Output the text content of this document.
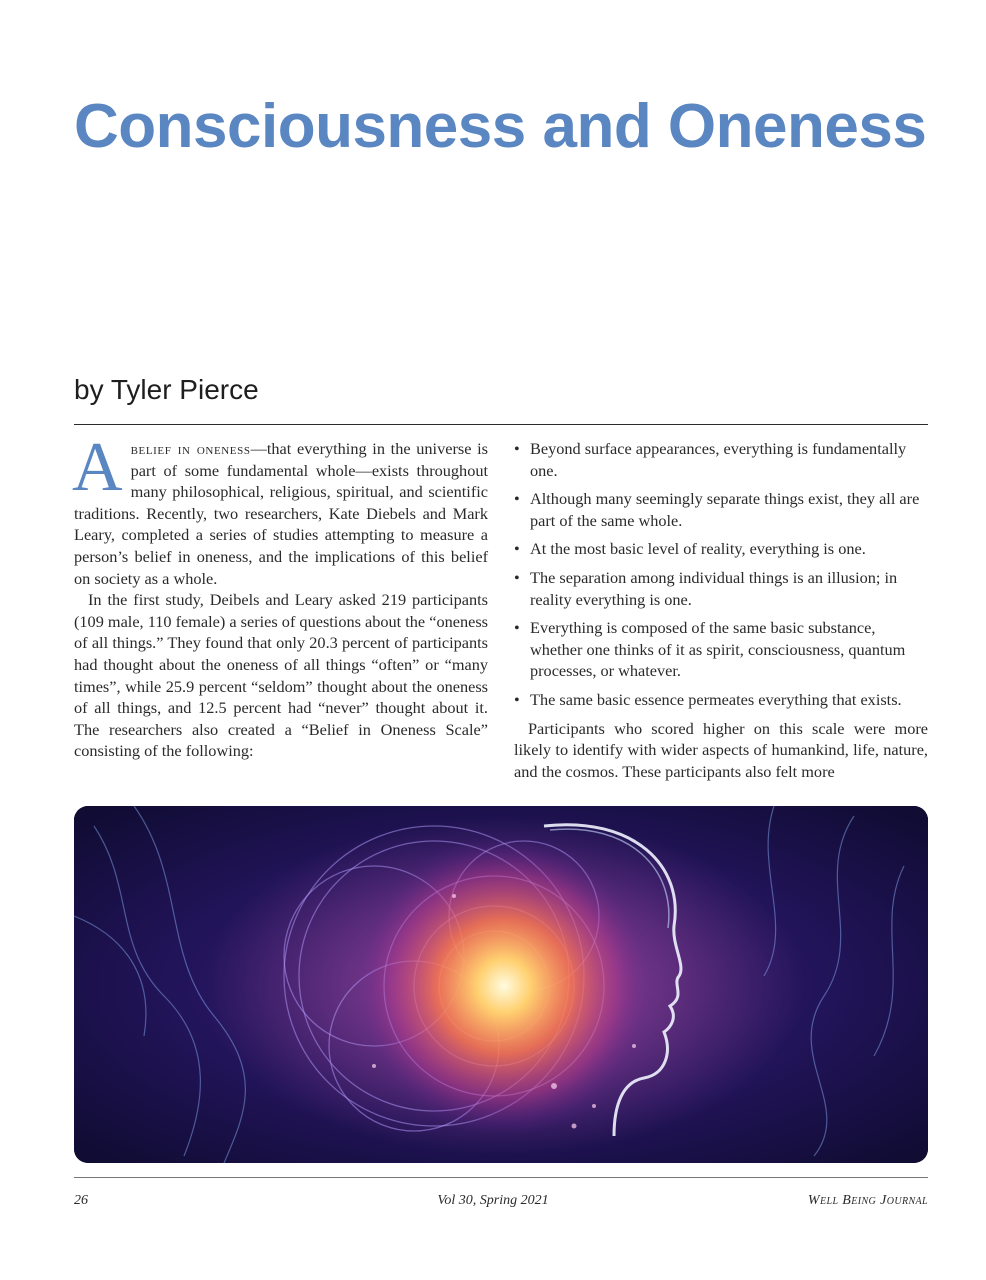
Consciousness and Oneness
by Tyler Pierce

Abelief in oneness—that everything in the universe is part of some fundamental whole—exists throughout many philosophical, religious, spiritual, and scientific traditions. Recently, two researchers, Kate Diebels and Mark Leary, completed a series of studies attempting to measure a person’s belief in oneness, and the implications of this belief on society as a whole.

In the first study, Deibels and Leary asked 219 participants (109 male, 110 female) a series of questions about the “oneness of all things.” They found that only 20.3 percent of participants had thought about the oneness of all things “often” or “many times”, while 25.9 percent “seldom” thought about the oneness of all things, and 12.5 percent had “never” thought about it. The researchers also created a “Belief in Oneness Scale” consisting of the following:

• Beyond surface appearances, everything is fundamentally one.
• Although many seemingly separate things exist, they all are part of the same whole.
• At the most basic level of reality, everything is one.
• The separation among individual things is an illusion; in reality everything is one.
• Everything is composed of the same basic substance, whether one thinks of it as spirit, consciousness, quantum processes, or whatever.
• The same basic essence permeates everything that exists.

Participants who scored higher on this scale were more likely to identify with wider aspects of humankind, life, nature, and the cosmos. These participants also felt more

26	Vol 30, Spring 2021	Well Being Journal
